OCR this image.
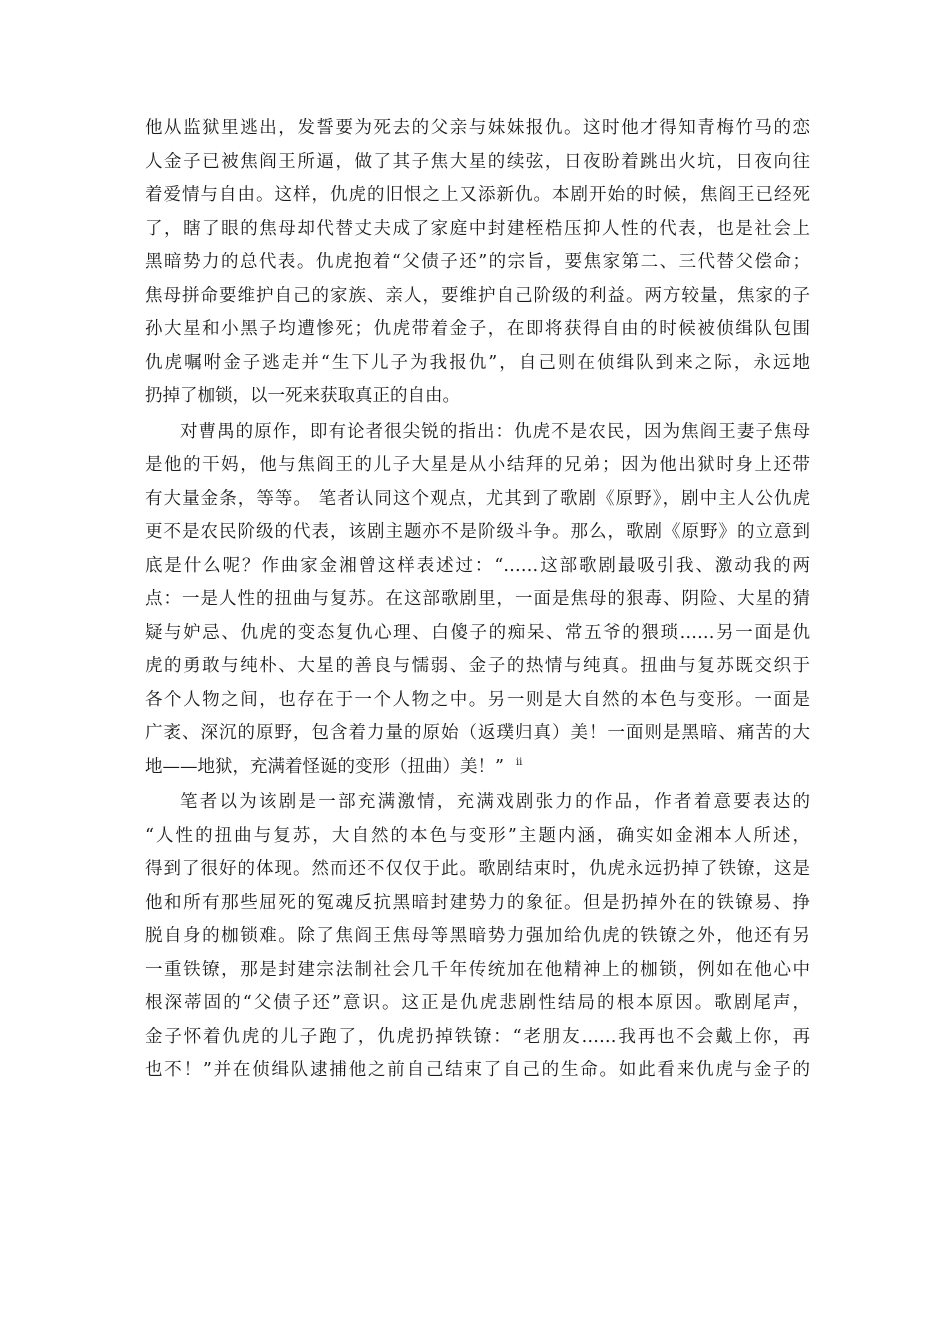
他从监狱里逃出，发誓要为死去的父亲与妹妹报仇。这时他才得知青梅竹马的恋
人金子已被焦阎王所逼，做了其子焦大星的续弦，日夜盼着跳出火坑，日夜向往
着爱情与自由。这样，仇虎的旧恨之上又添新仇。本剧开始的时候，焦阎王已经死
了，瞎了眼的焦母却代替丈夫成了家庭中封建桎梏压抑人性的代表，也是社会上
黑暗势力的总代表。仇虎抱着“父债子还”的宗旨，要焦家第二、三代替父偿命；
焦母拼命要维护自己的家族、亲人，要维护自己阶级的利益。两方较量，焦家的子
孙大星和小黑子均遭惨死；仇虎带着金子，在即将获得自由的时候被侦缉队包围
仇虎嘱咐金子逃走并“生下儿子为我报仇”，自己则在侦缉队到来之际，永远地
扔掉了枷锁，以一死来获取真正的自由。
对曹禺的原作，即有论者很尖锐的指出：仇虎不是农民，因为焦阎王妻子焦母
是他的干妈，他与焦阎王的儿子大星是从小结拜的兄弟；因为他出狱时身上还带
有大量金条，等等。 笔者认同这个观点，尤其到了歌剧《原野》，剧中主人公仇虎
更不是农民阶级的代表，该剧主题亦不是阶级斗争。那么，歌剧《原野》的立意到
底是什么呢？作曲家金湘曾这样表述过：“……这部歌剧最吸引我、激动我的两
点：一是人性的扭曲与复苏。在这部歌剧里，一面是焦母的狠毒、阴险、大星的猜
疑与妒忌、仇虎的变态复仇心理、白傻子的痴呆、常五爷的猥琐……另一面是仇
虎的勇敢与纯朴、大星的善良与懦弱、金子的热情与纯真。扭曲与复苏既交织于
各个人物之间，也存在于一个人物之中。另一则是大自然的本色与变形。一面是
广袤、深沉的原野，包含着力量的原始（返璞归真）美！一面则是黑暗、痛苦的大
地——地狱，充满着怪诞的变形（扭曲）美！” $^{ii}$
笔者以为该剧是一部充满激情，充满戏剧张力的作品，作者着意要表达的
“人性的扭曲与复苏，大自然的本色与变形”主题内涵，确实如金湘本人所述，
得到了很好的体现。然而还不仅仅于此。歌剧结束时，仇虎永远扔掉了铁镣，这是
他和所有那些屈死的冤魂反抗黑暗封建势力的象征。但是扔掉外在的铁镣易、挣
脱自身的枷锁难。除了焦阎王焦母等黑暗势力强加给仇虎的铁镣之外，他还有另
一重铁镣，那是封建宗法制社会几千年传统加在他精神上的枷锁，例如在他心中
根深蒂固的“父债子还”意识。这正是仇虎悲剧性结局的根本原因。歌剧尾声，
金子怀着仇虎的儿子跑了，仇虎扔掉铁镣：“老朋友……我再也不会戴上你，再
也不！”并在侦缉队逮捕他之前自己结束了自己的生命。如此看来仇虎与金子的
